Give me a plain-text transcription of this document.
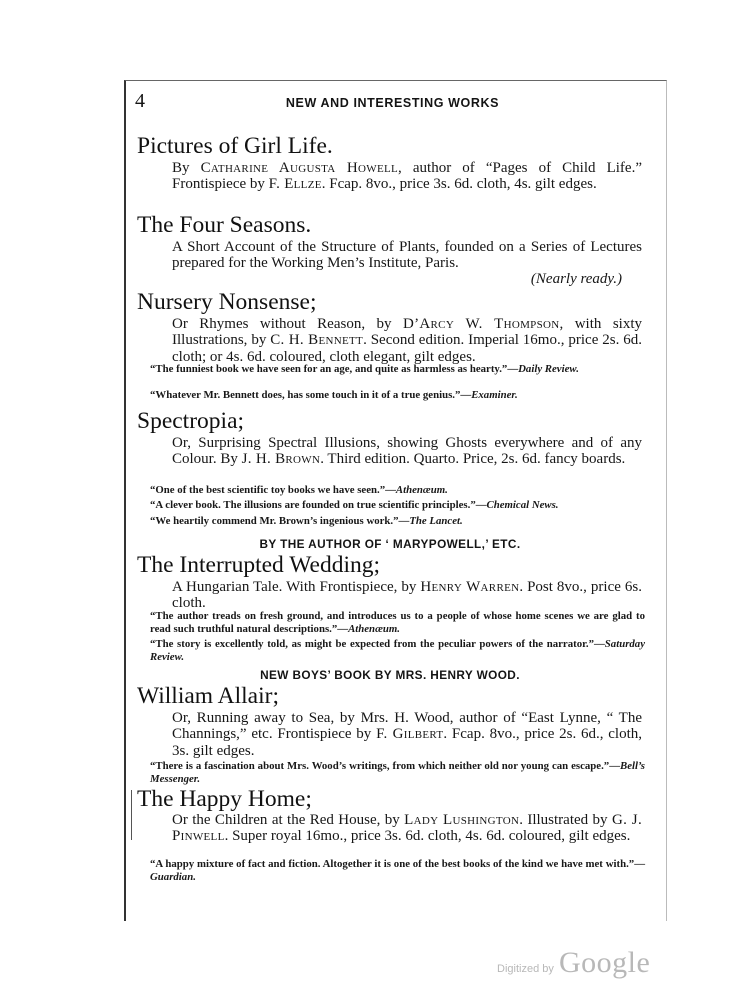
4	NEW AND INTERESTING WORKS
Pictures of Girl Life.
By Catharine Augusta Howell, author of “Pages of Child Life.” Frontispiece by F. Ellze. Fcap. 8vo., price 3s. 6d. cloth, 4s. gilt edges.
The Four Seasons.
A Short Account of the Structure of Plants, founded on a Series of Lectures prepared for the Working Men’s Institute, Paris.
(Nearly ready.)
Nursery Nonsense;
Or Rhymes without Reason, by D’Arcy W. Thompson, with sixty Illustrations, by C. H. Bennett. Second edition. Imperial 16mo., price 2s. 6d. cloth; or 4s. 6d. coloured, cloth elegant, gilt edges.
“The funniest book we have seen for an age, and quite as harmless as hearty.”—Daily Review.
“Whatever Mr. Bennett does, has some touch in it of a true genius.”—Examiner.
Spectropia;
Or, Surprising Spectral Illusions, showing Ghosts everywhere and of any Colour. By J. H. Brown. Third edition. Quarto. Price, 2s. 6d. fancy boards.
“One of the best scientific toy books we have seen.”—Athenæum.
“A clever book. The illusions are founded on true scientific principles.”—Chemical News.
“We heartily commend Mr. Brown’s ingenious work.”—The Lancet.
BY THE AUTHOR OF ‘ MARYPOWELL,’ ETC.
The Interrupted Wedding;
A Hungarian Tale. With Frontispiece, by Henry Warren. Post 8vo., price 6s. cloth.
“The author treads on fresh ground, and introduces us to a people of whose home scenes we are glad to read such truthful natural descriptions.”—Athenæum.
“The story is excellently told, as might be expected from the peculiar powers of the narrator.”—Saturday Review.
NEW BOYS’ BOOK BY MRS. HENRY WOOD.
William Allair;
Or, Running away to Sea, by Mrs. H. Wood, author of “East Lynne, “ The Channings,” etc. Frontispiece by F. Gilbert. Fcap. 8vo., price 2s. 6d., cloth, 3s. gilt edges.
“There is a fascination about Mrs. Wood’s writings, from which neither old nor young can escape.”—Bell’s Messenger.
The Happy Home;
Or the Children at the Red House, by Lady Lushington. Illustrated by G. J. Pinwell. Super royal 16mo., price 3s. 6d. cloth, 4s. 6d. coloured, gilt edges.
“A happy mixture of fact and fiction. Altogether it is one of the best books of the kind we have met with.”—Guardian.
Digitized by Google
